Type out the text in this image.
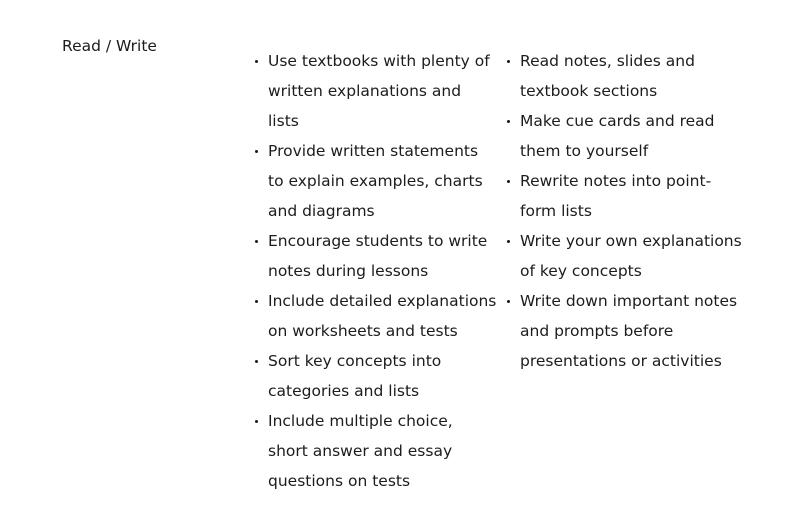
Read / Write
Use textbooks with plenty of
written explanations and
lists
Provide written statements
to explain examples, charts
and diagrams
Encourage students to write
notes during lessons
Include detailed explanations
on worksheets and tests
Sort key concepts into
categories and lists
Include multiple choice,
short answer and essay
questions on tests
Read notes, slides and
textbook sections
Make cue cards and read
them to yourself
Rewrite notes into point-
form lists
Write your own explanations
of key concepts
Write down important notes
and prompts before
presentations or activities
